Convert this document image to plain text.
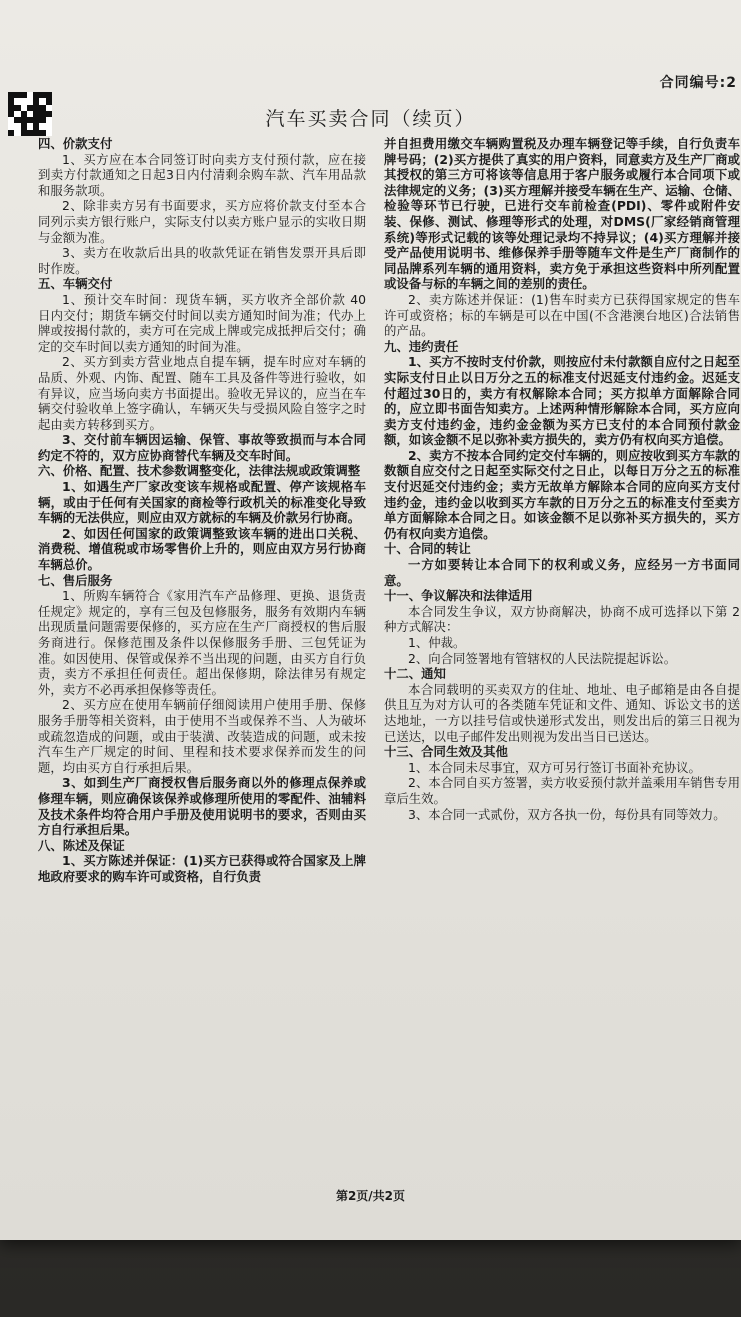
合同编号:2
汽车买卖合同（续页）

四、价款支付

1、买方应在本合同签订时向卖方支付预付款，应在接到卖方付款通知之日起3日内付清剩余购车款、汽车用品款和服务款项。

2、除非卖方另有书面要求，买方应将价款支付至本合同列示卖方银行账户，实际支付以卖方账户显示的实收日期与金额为准。

3、卖方在收款后出具的收款凭证在销售发票开具后即时作废。

五、车辆交付

1、预计交车时间：现货车辆，买方收齐全部价款 40 日内交付；期货车辆交付时间以卖方通知时间为准；代办上牌或按揭付款的，卖方可在完成上牌或完成抵押后交付；确定的交车时间以卖方通知的时间为准。

2、买方到卖方营业地点自提车辆，提车时应对车辆的品质、外观、内饰、配置、随车工具及备件等进行验收，如有异议，应当场向卖方书面提出。验收无异议的，应当在车辆交付验收单上签字确认，车辆灭失与受损风险自签字之时起由卖方转移到买方。

3、交付前车辆因运输、保管、事故等致损而与本合同约定不符的，双方应协商替代车辆及交车时间。

六、价格、配置、技术参数调整变化，法律法规或政策调整

1、如遇生产厂家改变该车规格或配置、停产该规格车辆，或由于任何有关国家的商检等行政机关的标准变化导致车辆的无法供应，则应由双方就标的车辆及价款另行协商。

2、如因任何国家的政策调整致该车辆的进出口关税、消费税、增值税或市场零售价上升的，则应由双方另行协商车辆总价。

七、售后服务

1、所购车辆符合《家用汽车产品修理、更换、退货责任规定》规定的，享有三包及包修服务，服务有效期内车辆出现质量问题需要保修的，买方应在生产厂商授权的售后服务商进行。保修范围及条件以保修服务手册、三包凭证为准。如因使用、保管或保养不当出现的问题，由买方自行负责，卖方不承担任何责任。超出保修期，除法律另有规定外，卖方不必再承担保修等责任。

2、买方应在使用车辆前仔细阅读用户使用手册、保修服务手册等相关资料，由于使用不当或保养不当、人为破坏或疏忽造成的问题，或由于装潢、改装造成的问题，或未按汽车生产厂规定的时间、里程和技术要求保养而发生的问题，均由买方自行承担后果。

3、如到生产厂商授权售后服务商以外的修理点保养或修理车辆，则应确保该保养或修理所使用的零配件、油辅料及技术条件均符合用户手册及使用说明书的要求，否则由买方自行承担后果。

八、陈述及保证

1、买方陈述并保证：(1)买方已获得或符合国家及上牌地政府要求的购车许可或资格，自行负责

并自担费用缴交车辆购置税及办理车辆登记等手续，自行负责车牌号码；(2)买方提供了真实的用户资料，同意卖方及生产厂商或其授权的第三方可将该等信息用于客户服务或履行本合同项下或法律规定的义务；(3)买方理解并接受车辆在生产、运输、仓储、检验等环节已行驶，已进行交车前检查(PDI)、零件或附件安装、保修、测试、修理等形式的处理，对DMS(厂家经销商管理系统)等形式记载的该等处理记录均不持异议；(4)买方理解并接受产品使用说明书、维修保养手册等随车文件是生产厂商制作的同品牌系列车辆的通用资料，卖方免于承担这些资料中所列配置或设备与标的车辆之间的差别的责任。

2、卖方陈述并保证：(1)售车时卖方已获得国家规定的售车许可或资格；标的车辆是可以在中国(不含港澳台地区)合法销售的产品。

九、违约责任

1、买方不按时支付价款，则按应付未付款额自应付之日起至实际支付日止以日万分之五的标准支付迟延支付违约金。迟延支付超过30日的，卖方有权解除本合同；买方拟单方面解除合同的，应立即书面告知卖方。上述两种情形解除本合同，买方应向卖方支付违约金，违约金金额为买方已支付的本合同预付款金额，如该金额不足以弥补卖方损失的，卖方仍有权向买方追偿。

2、卖方不按本合同约定交付车辆的，则应按收到买方车款的数额自应交付之日起至实际交付之日止，以每日万分之五的标准支付迟延交付违约金；卖方无故单方解除本合同的应向买方支付违约金，违约金以收到买方车款的日万分之五的标准支付至卖方单方面解除本合同之日。如该金额不足以弥补买方损失的，买方仍有权向卖方追偿。

十、合同的转让

一方如要转让本合同下的权利或义务，应经另一方书面同意。

十一、争议解决和法律适用

本合同发生争议，双方协商解决，协商不成可选择以下第 2 种方式解决：

1、仲裁。

2、向合同签署地有管辖权的人民法院提起诉讼。

十二、通知

本合同载明的买卖双方的住址、地址、电子邮箱是由各自提供且互为对方认可的各类随车凭证和文件、通知、诉讼文书的送达地址，一方以挂号信或快递形式发出，则发出后的第三日视为已送达，以电子邮件发出则视为发出当日已送达。

十三、合同生效及其他

1、本合同未尽事宜，双方可另行签订书面补充协议。

2、本合同自买方签署，卖方收妥预付款并盖乘用车销售专用章后生效。

3、本合同一式贰份，双方各执一份，每份具有同等效力。

第2页/共2页
